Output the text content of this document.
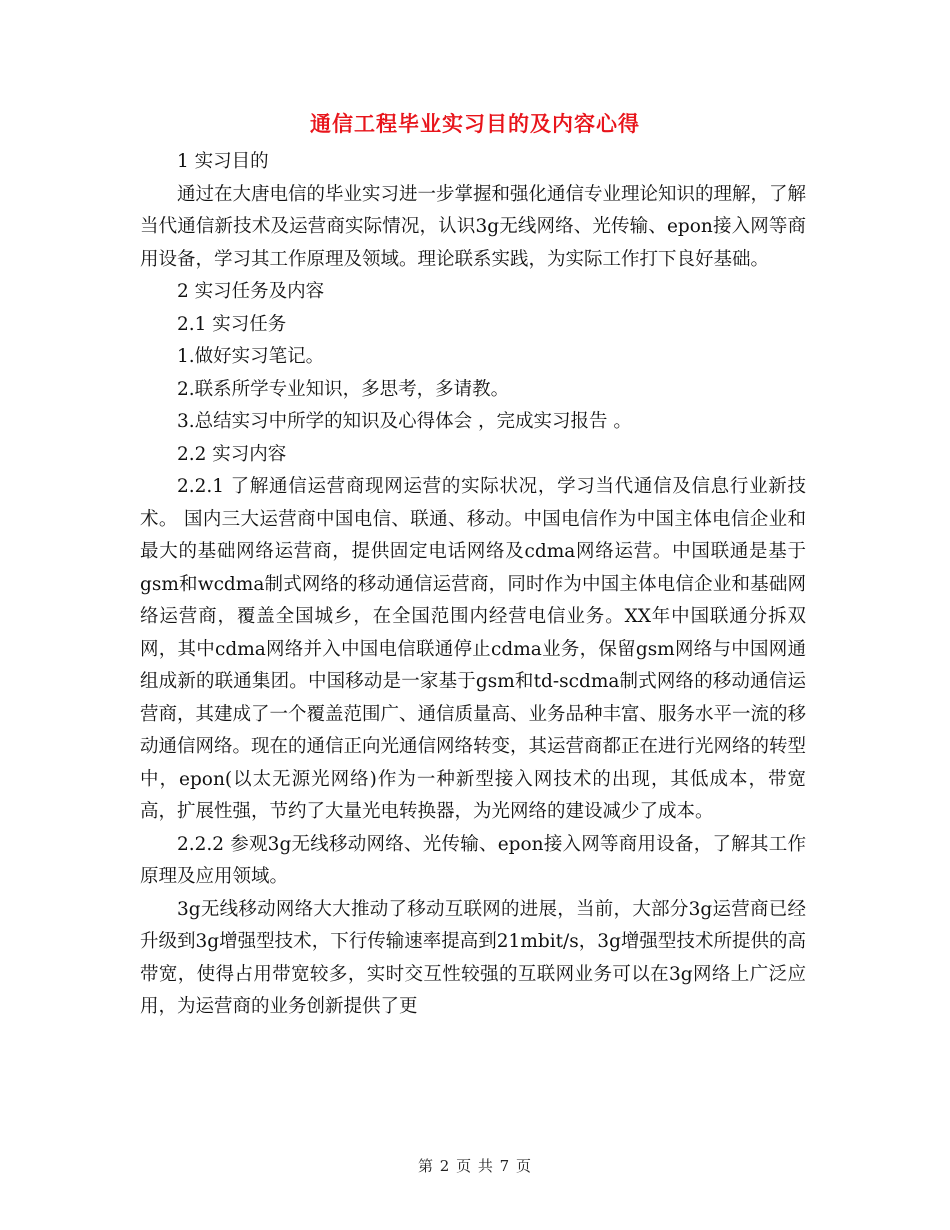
通信工程毕业实习目的及内容心得

1 实习目的

通过在大唐电信的毕业实习进一步掌握和强化通信专业理论知识的理解，了解当代通信新技术及运营商实际情况，认识3g无线网络、光传输、epon接入网等商用设备，学习其工作原理及领域。理论联系实践，为实际工作打下良好基础。

2 实习任务及内容

2.1 实习任务

1.做好实习笔记。

2.联系所学专业知识，多思考，多请教。

3.总结实习中所学的知识及心得体会 ，完成实习报告 。

2.2 实习内容

2.2.1 了解通信运营商现网运营的实际状况，学习当代通信及信息行业新技术。 国内三大运营商中国电信、联通、移动。中国电信作为中国主体电信企业和最大的基础网络运营商，提供固定电话网络及cdma网络运营。中国联通是基于gsm和wcdma制式网络的移动通信运营商，同时作为中国主体电信企业和基础网络运营商，覆盖全国城乡，在全国范围内经营电信业务。XX年中国联通分拆双网，其中cdma网络并入中国电信联通停止cdma业务，保留gsm网络与中国网通组成新的联通集团。中国移动是一家基于gsm和td-scdma制式网络的移动通信运营商，其建成了一个覆盖范围广、通信质量高、业务品种丰富、服务水平一流的移动通信网络。现在的通信正向光通信网络转变，其运营商都正在进行光网络的转型中，epon(以太无源光网络)作为一种新型接入网技术的出现，其低成本，带宽高，扩展性强，节约了大量光电转换器，为光网络的建设减少了成本。

2.2.2 参观3g无线移动网络、光传输、epon接入网等商用设备，了解其工作原理及应用领域。

3g无线移动网络大大推动了移动互联网的进展，当前，大部分3g运营商已经升级到3g增强型技术，下行传输速率提高到21mbit/s，3g增强型技术所提供的高带宽，使得占用带宽较多，实时交互性较强的互联网业务可以在3g网络上广泛应用，为运营商的业务创新提供了更

第 2 页 共 7 页
